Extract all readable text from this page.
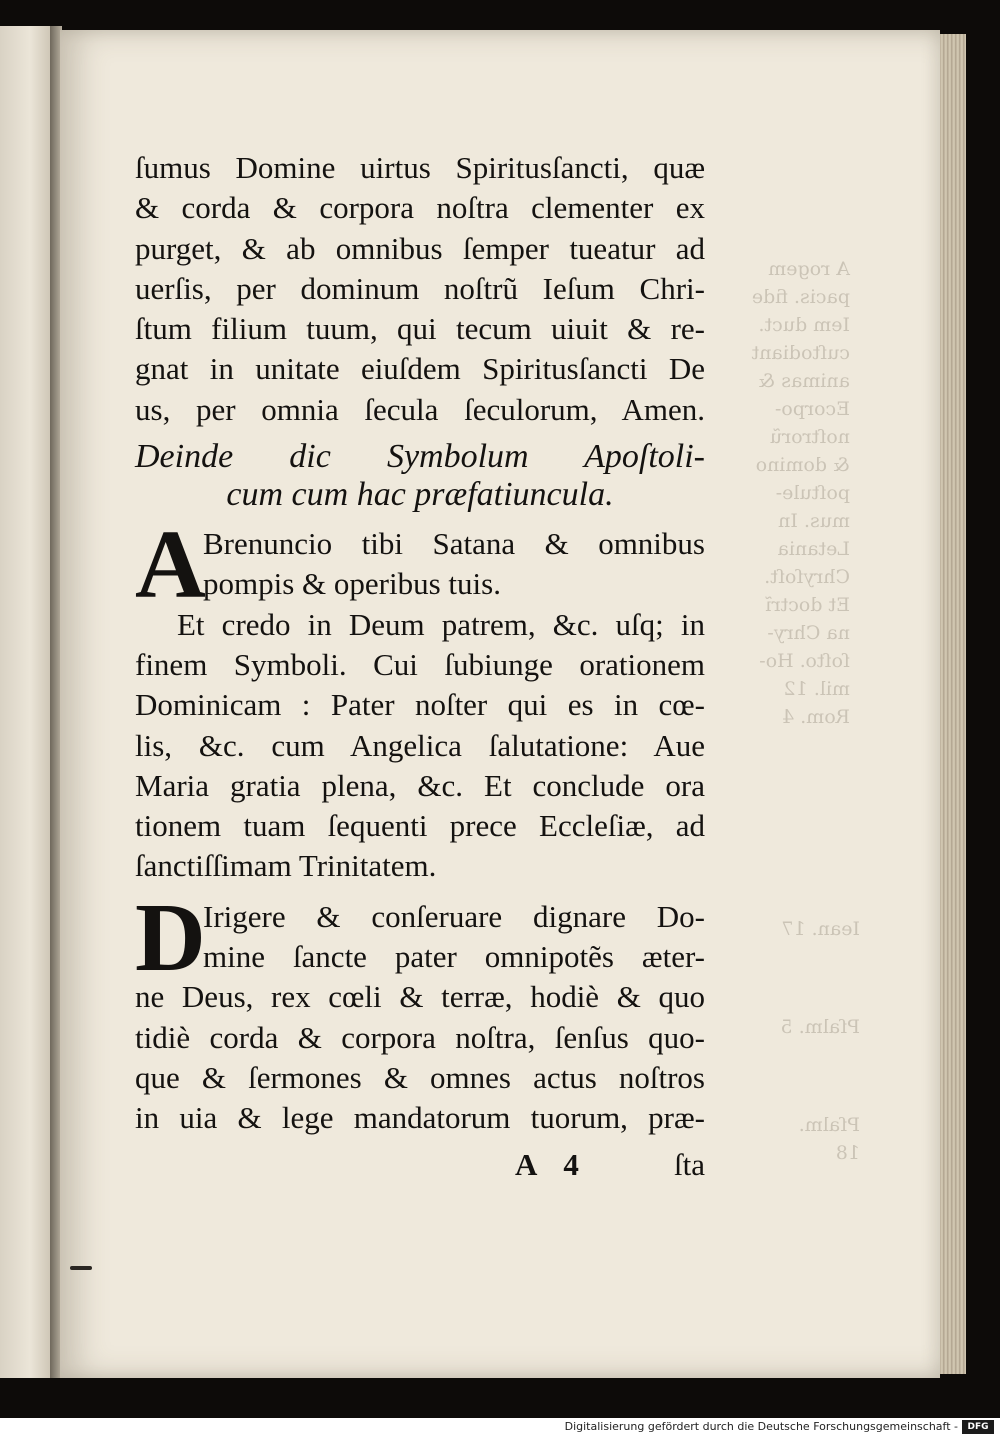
A rogem
pacis. fide
Iem duct.
cuſtodiant
animas &
Ecorpo-
noſtrorũ
& domino
poſtule-
mus. In
Letania
Chryſoſt.
Et doctrĩ
na Chry-
ſoſto. Ho-
mil. 12
Rom. 4
Iean. 17
Pſalm. 5
Pſalm. 18
ſumus Domine uirtus Spiritusſancti, quæ
& corda & corpora noſtra clementer ex
purget, & ab omnibus ſemper tueatur ad
uerſis, per dominum noſtrũ Ieſum Chri-
ſtum filium tuum, qui tecum uiuit & re-
gnat in unitate eiuſdem Spiritusſancti De
us, per omnia ſecula ſeculorum, Amen.
Deinde dic Symbolum Apoſtoli-
cum cum hac præfatiuncula.
A
Brenuncio tibi Satana & omnibus
pompis & operibus tuis.
Et credo in Deum patrem, &c. uſq; in
finem Symboli. Cui ſubiunge orationem
Dominicam : Pater noſter qui es in cœ-
lis, &c. cum Angelica ſalutatione: Aue
Maria gratia plena, &c. Et conclude ora
tionem tuam ſequenti prece Eccleſiæ, ad
ſanctiſſimam Trinitatem.
D
Irigere & conſeruare dignare Do-
mine ſancte pater omnipotẽs æter-
ne Deus, rex cœli & terræ, hodiè & quo
tidiè corda & corpora noſtra, ſenſus quo-
que & ſermones & omnes actus noſtros
in uia & lege mandatorum tuorum, præ-
A 4	ſta
Digitalisierung gefördert durch die Deutsche Forschungsgemeinschaft -	DFG
